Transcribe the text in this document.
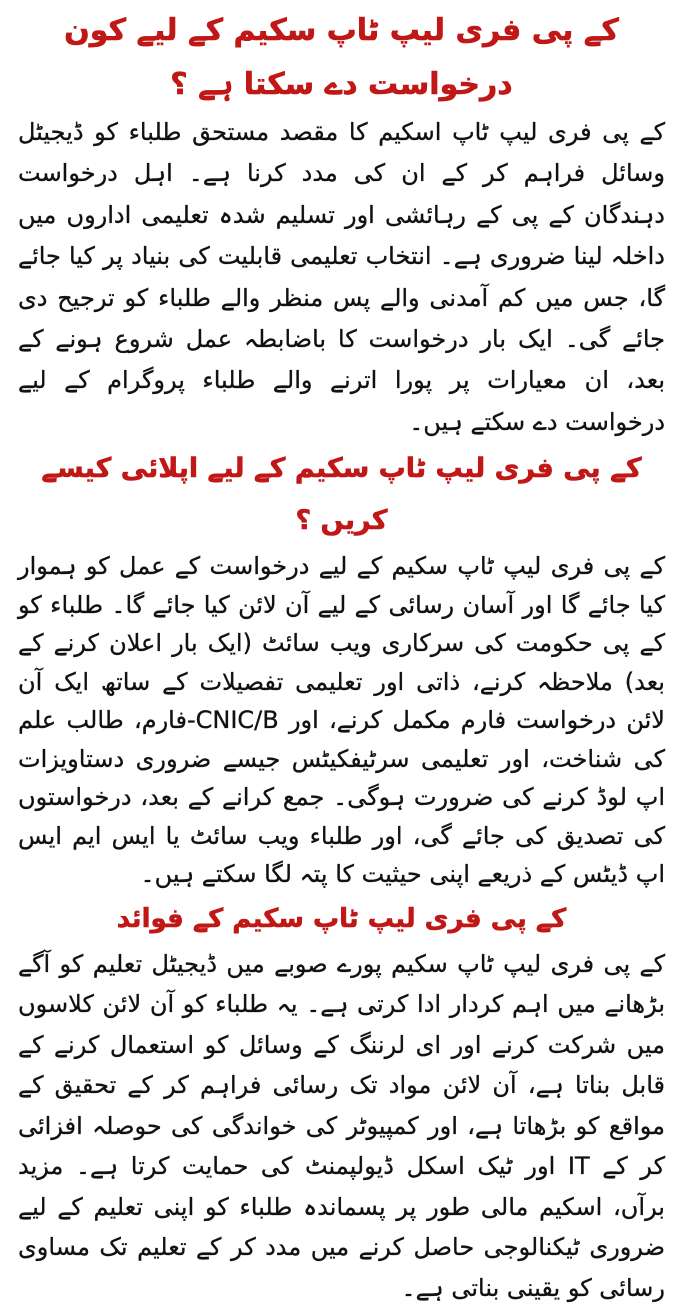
کے پی فری لیپ ٹاپ سکیم کے لیے کون درخواست دے سکتا ہے ؟

کے پی فری لیپ ٹاپ اسکیم کا مقصد مستحق طلباء کو ڈیجیٹل وسائل فراہم کر کے ان کی مدد کرنا ہے۔ اہل درخواست دہندگان کے پی کے رہائشی اور تسلیم شدہ تعلیمی اداروں میں داخلہ لینا ضروری ہے۔ انتخاب تعلیمی قابلیت کی بنیاد پر کیا جائے گا، جس میں کم آمدنی والے پس منظر والے طلباء کو ترجیح دی جائے گی۔ ایک بار درخواست کا باضابطہ عمل شروع ہونے کے بعد، ان معیارات پر پورا اترنے والے طلباء پروگرام کے لیے درخواست دے سکتے ہیں۔

کے پی فری لیپ ٹاپ سکیم کے لیے اپلائی کیسے کریں ؟

کے پی فری لیپ ٹاپ سکیم کے لیے درخواست کے عمل کو ہموار کیا جائے گا اور آسان رسائی کے لیے آن لائن کیا جائے گا۔ طلباء کو کے پی حکومت کی سرکاری ویب سائٹ (ایک بار اعلان کرنے کے بعد) ملاحظہ کرنے، ذاتی اور تعلیمی تفصیلات کے ساتھ ایک آن لائن درخواست فارم مکمل کرنے، اور CNIC/B-فارم، طالب علم کی شناخت، اور تعلیمی سرٹیفکیٹس جیسے ضروری دستاویزات اپ لوڈ کرنے کی ضرورت ہوگی۔ جمع کرانے کے بعد، درخواستوں کی تصدیق کی جائے گی، اور طلباء ویب سائٹ یا ایس ایم ایس اپ ڈیٹس کے ذریعے اپنی حیثیت کا پتہ لگا سکتے ہیں۔

کے پی فری لیپ ٹاپ سکیم کے فوائد

کے پی فری لیپ ٹاپ سکیم پورے صوبے میں ڈیجیٹل تعلیم کو آگے بڑھانے میں اہم کردار ادا کرتی ہے۔ یہ طلباء کو آن لائن کلاسوں میں شرکت کرنے اور ای لرننگ کے وسائل کو استعمال کرنے کے قابل بناتا ہے، آن لائن مواد تک رسائی فراہم کر کے تحقیق کے مواقع کو بڑھاتا ہے، اور کمپیوٹر کی خواندگی کی حوصلہ افزائی کر کے IT اور ٹیک اسکل ڈیولپمنٹ کی حمایت کرتا ہے۔ مزید برآں، اسکیم مالی طور پر پسماندہ طلباء کو اپنی تعلیم کے لیے ضروری ٹیکنالوجی حاصل کرنے میں مدد کر کے تعلیم تک مساوی رسائی کو یقینی بناتی ہے۔
